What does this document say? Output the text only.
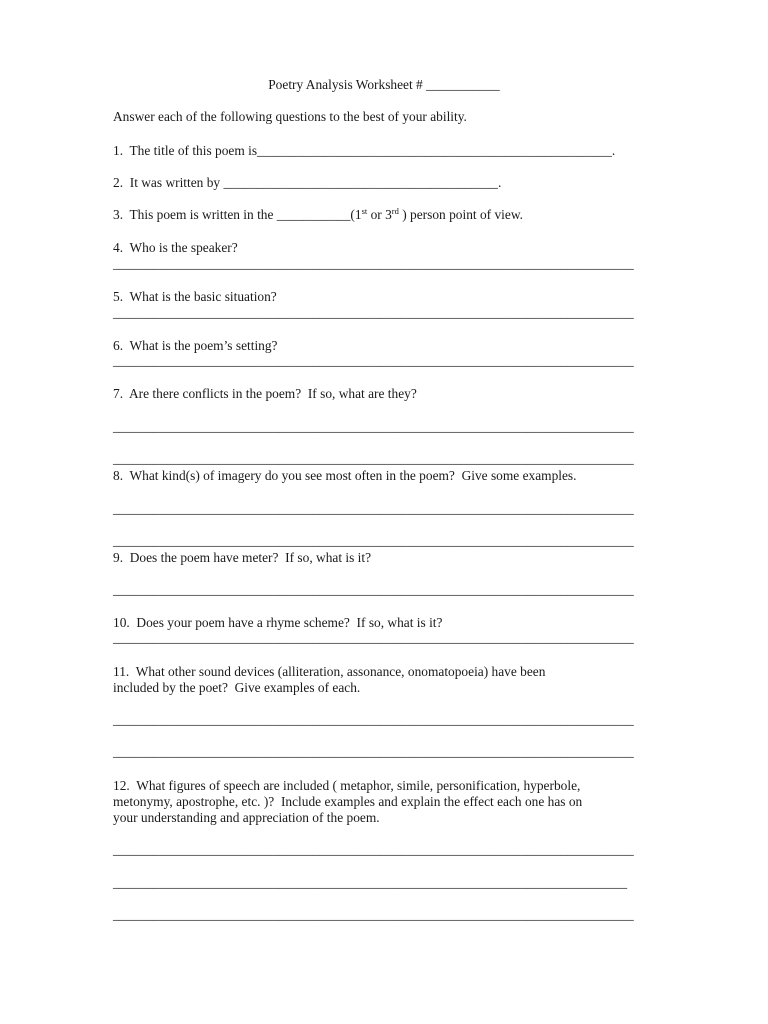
Poetry Analysis Worksheet # ___________
Answer each of the following questions to the best of your ability.
1.  The title of this poem is_____________________________________________________.
2.  It was written by _________________________________________.
3.  This poem is written in the ___________(1st or 3rd ) person point of view.
4.  Who is the speaker?
______________________________________________________________________________
5.  What is the basic situation?
______________________________________________________________________________
6.  What is the poem’s setting?
______________________________________________________________________________
7.  Are there conflicts in the poem?  If so, what are they?
______________________________________________________________________________
______________________________________________________________________________
8.  What kind(s) of imagery do you see most often in the poem?  Give some examples.
______________________________________________________________________________
______________________________________________________________________________
9.  Does the poem have meter?  If so, what is it?
______________________________________________________________________________
10.  Does your poem have a rhyme scheme?  If so, what is it?
______________________________________________________________________________
11.  What other sound devices (alliteration, assonance, onomatopoeia) have been
included by the poet?  Give examples of each.
______________________________________________________________________________
______________________________________________________________________________
12.  What figures of speech are included ( metaphor, simile, personification, hyperbole,
metonymy, apostrophe, etc. )?  Include examples and explain the effect each one has on
your understanding and appreciation of the poem.
______________________________________________________________________________
_____________________________________________________________________________
______________________________________________________________________________
